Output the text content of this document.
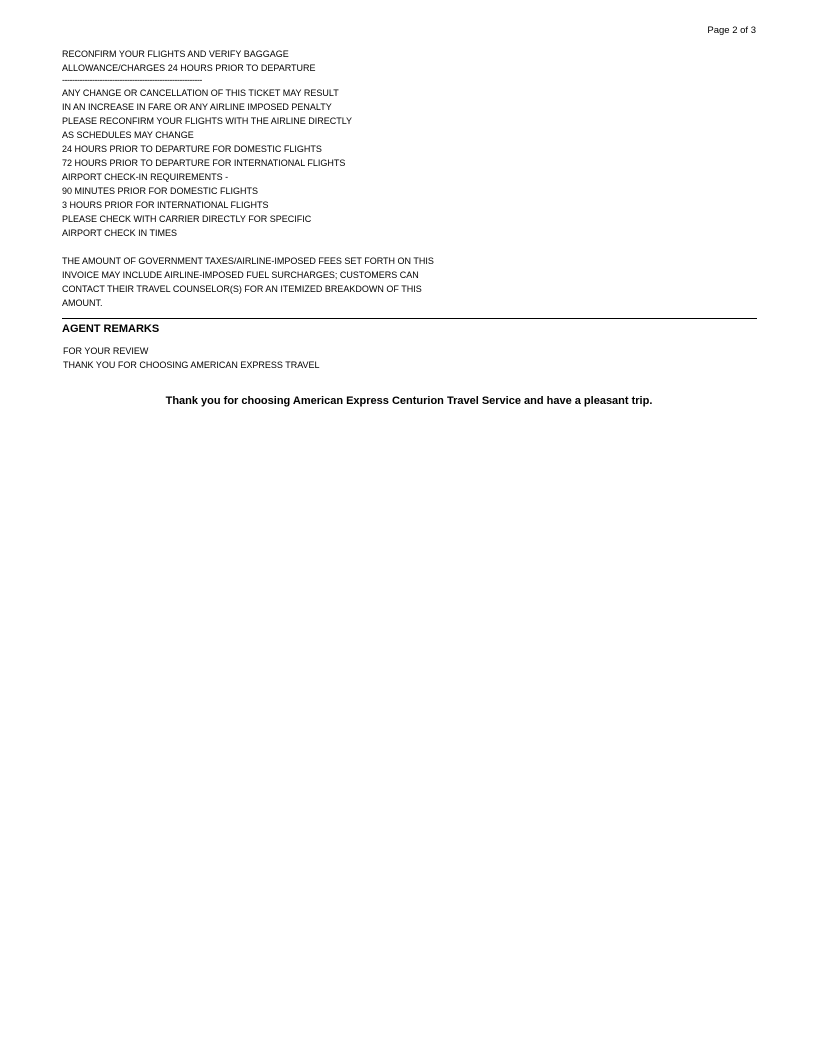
Page 2 of 3
RECONFIRM YOUR FLIGHTS AND VERIFY BAGGAGE
ALLOWANCE/CHARGES 24 HOURS PRIOR TO DEPARTURE
--------------------------------------------------------
ANY CHANGE OR CANCELLATION OF THIS TICKET MAY RESULT
IN AN INCREASE IN FARE OR ANY AIRLINE IMPOSED PENALTY
PLEASE RECONFIRM YOUR FLIGHTS WITH THE AIRLINE DIRECTLY
AS SCHEDULES MAY CHANGE
24 HOURS PRIOR TO DEPARTURE FOR DOMESTIC FLIGHTS
72 HOURS PRIOR TO DEPARTURE FOR INTERNATIONAL FLIGHTS
AIRPORT CHECK-IN REQUIREMENTS -
90 MINUTES PRIOR FOR DOMESTIC FLIGHTS
3 HOURS PRIOR FOR INTERNATIONAL FLIGHTS
PLEASE CHECK WITH CARRIER DIRECTLY FOR SPECIFIC
AIRPORT CHECK IN TIMES
THE AMOUNT OF GOVERNMENT TAXES/AIRLINE-IMPOSED FEES SET FORTH ON THIS
INVOICE MAY INCLUDE AIRLINE-IMPOSED FUEL SURCHARGES; CUSTOMERS CAN
CONTACT THEIR TRAVEL COUNSELOR(S) FOR AN ITEMIZED BREAKDOWN OF THIS
AMOUNT.
AGENT REMARKS
FOR YOUR REVIEW
THANK YOU FOR CHOOSING AMERICAN EXPRESS TRAVEL
Thank you for choosing American Express Centurion Travel Service and have a pleasant trip.
